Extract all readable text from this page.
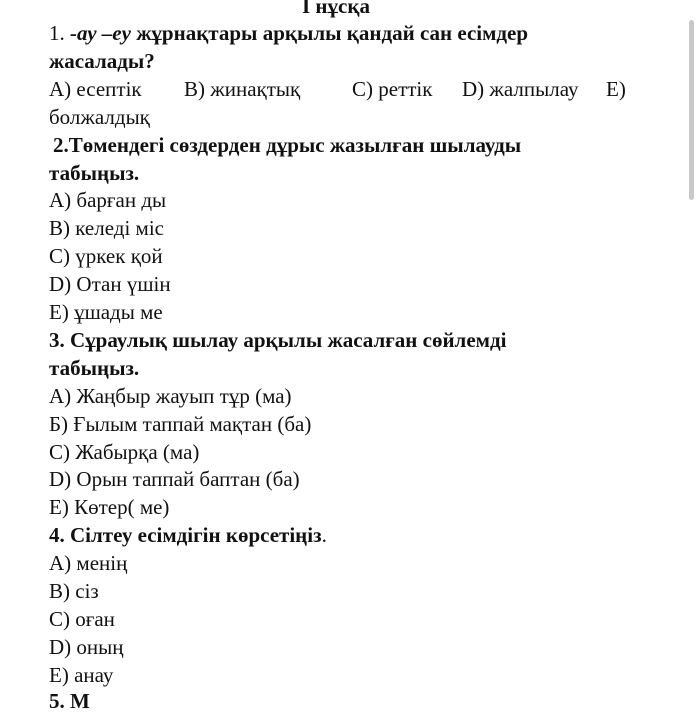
I нұсқа
1. -ау –еу жұрнақтары арқылы қандай сан есімдер
жасалады?
A) есептік B) жинақтық C) реттік D) жалпылау E)
болжалдық
2.Төмендегі сөздерден дұрыс жазылған шылауды
табыңыз.
A) барған ды
B) келеді міс
C) үркек қой
D) Отан үшін
E) ұшады ме
3. Сұраулық шылау арқылы жасалған сөйлемді
табыңыз.
A) Жаңбыр жауып тұр (ма)
Б) Ғылым таппай мақтан (ба)
C) Жабырқа (ма)
D) Орын таппай баптан (ба)
E) Көтер( ме)
4. Сілтеу есімдігін көрсетіңіз.
A) менің
B) сіз
C) оған
D) оның
E) анау
5. М
